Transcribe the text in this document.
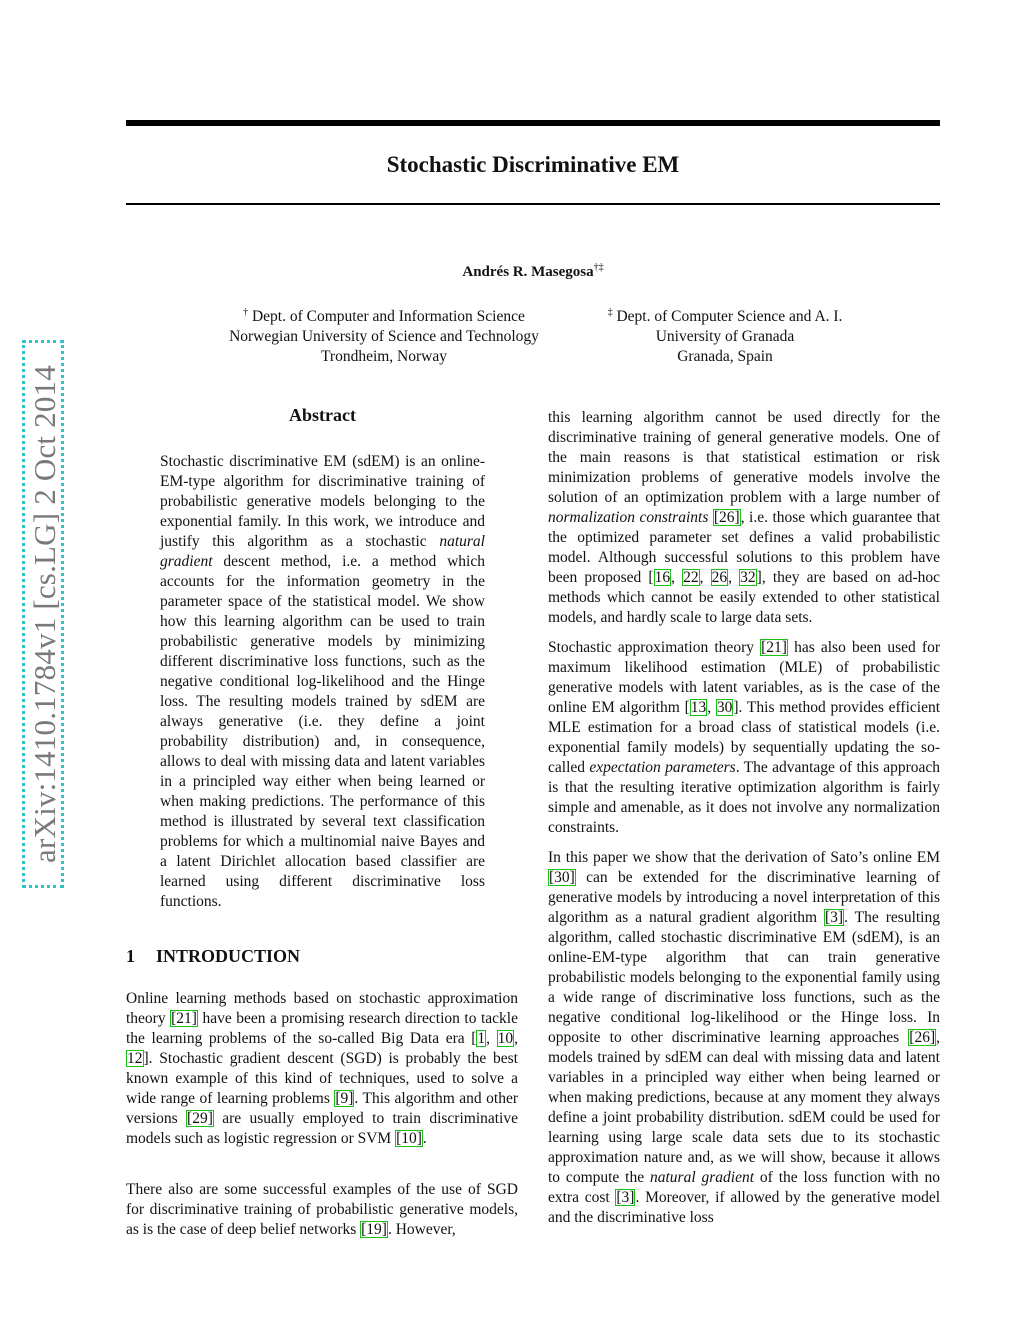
Stochastic Discriminative EM
Andrés R. Masegosa†‡
† Dept. of Computer and Information Science
Norwegian University of Science and Technology
Trondheim, Norway
‡ Dept. of Computer Science and A. I.
University of Granada
Granada, Spain
arXiv:1410.1784v1 [cs.LG] 2 Oct 2014	Abstract

Stochastic discriminative EM (sdEM) is an online-EM-type algorithm for discriminative training of probabilistic generative models belonging to the exponential family. In this work, we introduce and justify this algorithm as a stochastic natural gradient descent method, i.e. a method which accounts for the information geometry in the parameter space of the statistical model. We show how this learning algorithm can be used to train probabilistic generative models by minimizing different discriminative loss functions, such as the negative conditional log-likelihood and the Hinge loss. The resulting models trained by sdEM are always generative (i.e. they define a joint probability distribution) and, in consequence, allows to deal with missing data and latent variables in a principled way either when being learned or when making predictions. The performance of this method is illustrated by several text classification problems for which a multinomial naive Bayes and a latent Dirichlet allocation based classifier are learned using different discriminative loss functions.

1 INTRODUCTION

Online learning methods based on stochastic approximation theory [21] have been a promising research direction to tackle the learning problems of the so-called Big Data era [1, 10, 12]. Stochastic gradient descent (SGD) is probably the best known example of this kind of techniques, used to solve a wide range of learning problems [9]. This algorithm and other versions [29] are usually employed to train discriminative models such as logistic regression or SVM [10].

There also are some successful examples of the use of SGD for discriminative training of probabilistic generative models, as is the case of deep belief networks [19]. However,

this learning algorithm cannot be used directly for the discriminative training of general generative models. One of the main reasons is that statistical estimation or risk minimization problems of generative models involve the solution of an optimization problem with a large number of normalization constraints [26], i.e. those which guarantee that the optimized parameter set defines a valid probabilistic model. Although successful solutions to this problem have been proposed [16, 22, 26, 32], they are based on ad-hoc methods which cannot be easily extended to other statistical models, and hardly scale to large data sets.

Stochastic approximation theory [21] has also been used for maximum likelihood estimation (MLE) of probabilistic generative models with latent variables, as is the case of the online EM algorithm [13, 30]. This method provides efficient MLE estimation for a broad class of statistical models (i.e. exponential family models) by sequentially updating the so-called expectation parameters. The advantage of this approach is that the resulting iterative optimization algorithm is fairly simple and amenable, as it does not involve any normalization constraints.

In this paper we show that the derivation of Sato’s online EM [30] can be extended for the discriminative learning of generative models by introducing a novel interpretation of this algorithm as a natural gradient algorithm [3]. The resulting algorithm, called stochastic discriminative EM (sdEM), is an online-EM-type algorithm that can train generative probabilistic models belonging to the exponential family using a wide range of discriminative loss functions, such as the negative conditional log-likelihood or the Hinge loss. In opposite to other discriminative learning approaches [26], models trained by sdEM can deal with missing data and latent variables in a principled way either when being learned or when making predictions, because at any moment they always define a joint probability distribution. sdEM could be used for learning using large scale data sets due to its stochastic approximation nature and, as we will show, because it allows to compute the natural gradient of the loss function with no extra cost [3]. Moreover, if allowed by the generative model and the discriminative loss
